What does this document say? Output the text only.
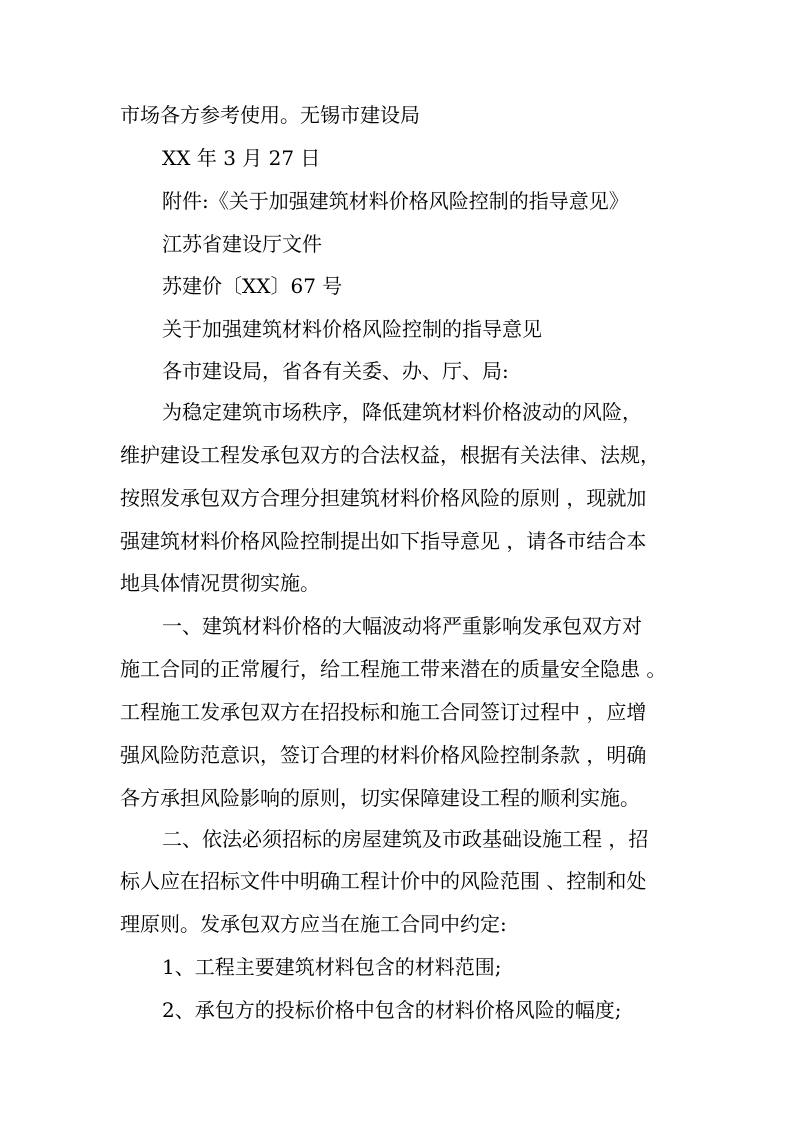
市场各方参考使用。无锡市建设局
XX 年 3 月 27 日
附件:《关于加强建筑材料价格风险控制的指导意见》
江苏省建设厅文件
苏建价〔XX〕67 号
关于加强建筑材料价格风险控制的指导意见
各市建设局，省各有关委、办、厅、局:
为稳定建筑市场秩序，降低建筑材料价格波动的风险，
维护建设工程发承包双方的合法权益，根据有关法律、法规，
按照发承包双方合理分担建筑材料价格风险的原则 ，现就加
强建筑材料价格风险控制提出如下指导意见 ，请各市结合本
地具体情况贯彻实施。
一、建筑材料价格的大幅波动将严重影响发承包双方对
施工合同的正常履行，给工程施工带来潜在的质量安全隐患 。
工程施工发承包双方在招投标和施工合同签订过程中 ，应增
强风险防范意识，签订合理的材料价格风险控制条款 ，明确
各方承担风险影响的原则，切实保障建设工程的顺利实施。
二、依法必须招标的房屋建筑及市政基础设施工程 ，招
标人应在招标文件中明确工程计价中的风险范围 、控制和处
理原则。发承包双方应当在施工合同中约定:
1、工程主要建筑材料包含的材料范围;
2、承包方的投标价格中包含的材料价格风险的幅度;
